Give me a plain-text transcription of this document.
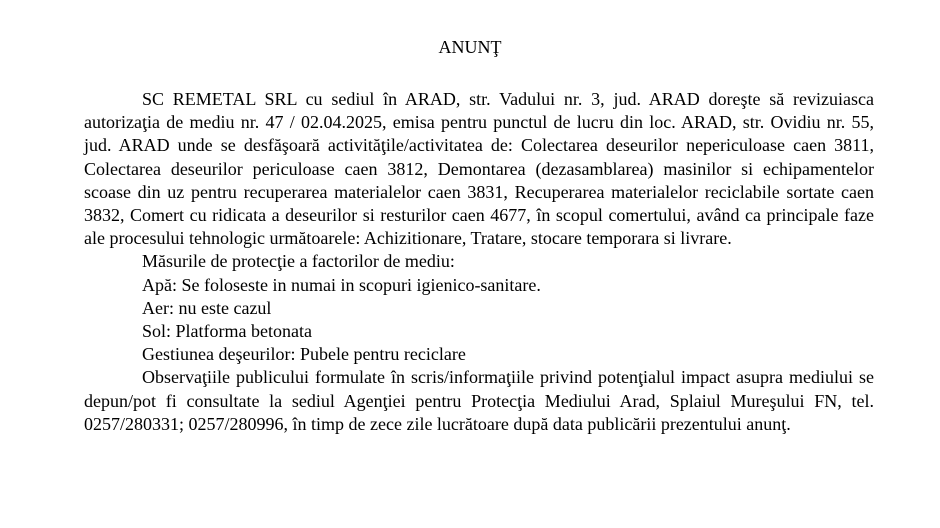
ANUNŢ

SC REMETAL SRL cu sediul în ARAD, str. Vadului nr. 3, jud. ARAD doreşte să revizuiasca autorizaţia de mediu nr. 47 / 02.04.2025, emisa pentru punctul de lucru din loc. ARAD, str. Ovidiu nr. 55, jud. ARAD unde se desfăşoară activităţile/activitatea de: Colectarea deseurilor nepericuloase caen 3811, Colectarea deseurilor periculoase caen 3812, Demontarea (dezasamblarea) masinilor si echipamentelor scoase din uz pentru recuperarea materialelor caen 3831, Recuperarea materialelor reciclabile sortate caen 3832, Comert cu ridicata a deseurilor si resturilor caen 4677, în scopul comertului, având ca principale faze ale procesului tehnologic următoarele: Achizitionare, Tratare, stocare temporara si livrare.

Măsurile de protecţie a factorilor de mediu:

Apă: Se foloseste in numai in scopuri igienico-sanitare.

Aer: nu este cazul

Sol: Platforma betonata

Gestiunea deşeurilor: Pubele pentru reciclare

Observaţiile publicului formulate în scris/informaţiile privind potenţialul impact asupra mediului se depun/pot fi consultate la sediul Agenţiei pentru Protecţia Mediului Arad, Splaiul Mureşului FN, tel. 0257/280331; 0257/280996, în timp de zece zile lucrătoare după data publicării prezentului anunţ.
